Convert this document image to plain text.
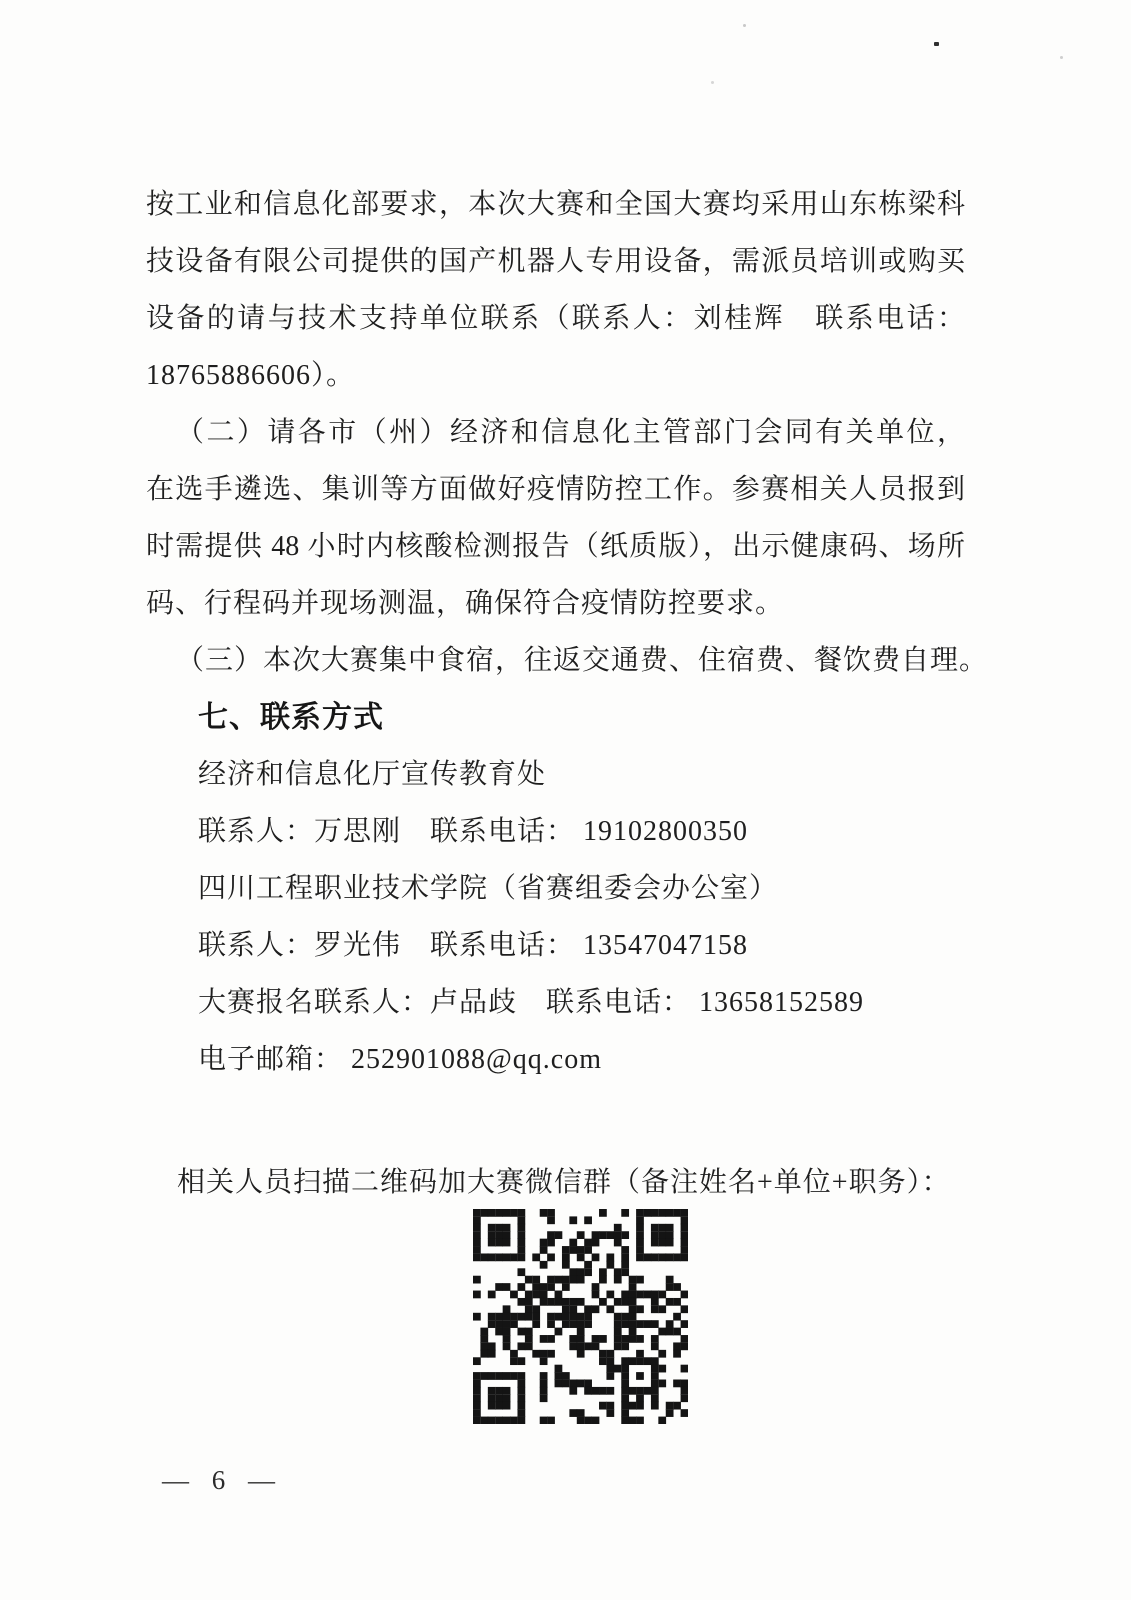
按工业和信息化部要求，本次大赛和全国大赛均采用山东栋梁科

技设备有限公司提供的国产机器人专用设备，需派员培训或购买

设备的请与技术支持单位联系（联系人：刘桂辉　联系电话：

18765886606）。

（二）请各市（州）经济和信息化主管部门会同有关单位，

在选手遴选、集训等方面做好疫情防控工作。参赛相关人员报到

时需提供 48 小时内核酸检测报告（纸质版），出示健康码、场所

码、行程码并现场测温，确保符合疫情防控要求。

（三）本次大赛集中食宿，往返交通费、住宿费、餐饮费自理。

七、联系方式

经济和信息化厅宣传教育处

联系人：万思刚　联系电话： 19102800350

四川工程职业技术学院（省赛组委会办公室）

联系人：罗光伟　联系电话： 13547047158

大赛报名联系人：卢品歧　联系电话： 13658152589

电子邮箱： 252901088@qq.com

相关人员扫描二维码加大赛微信群（备注姓名+单位+职务）：

— 6 —
